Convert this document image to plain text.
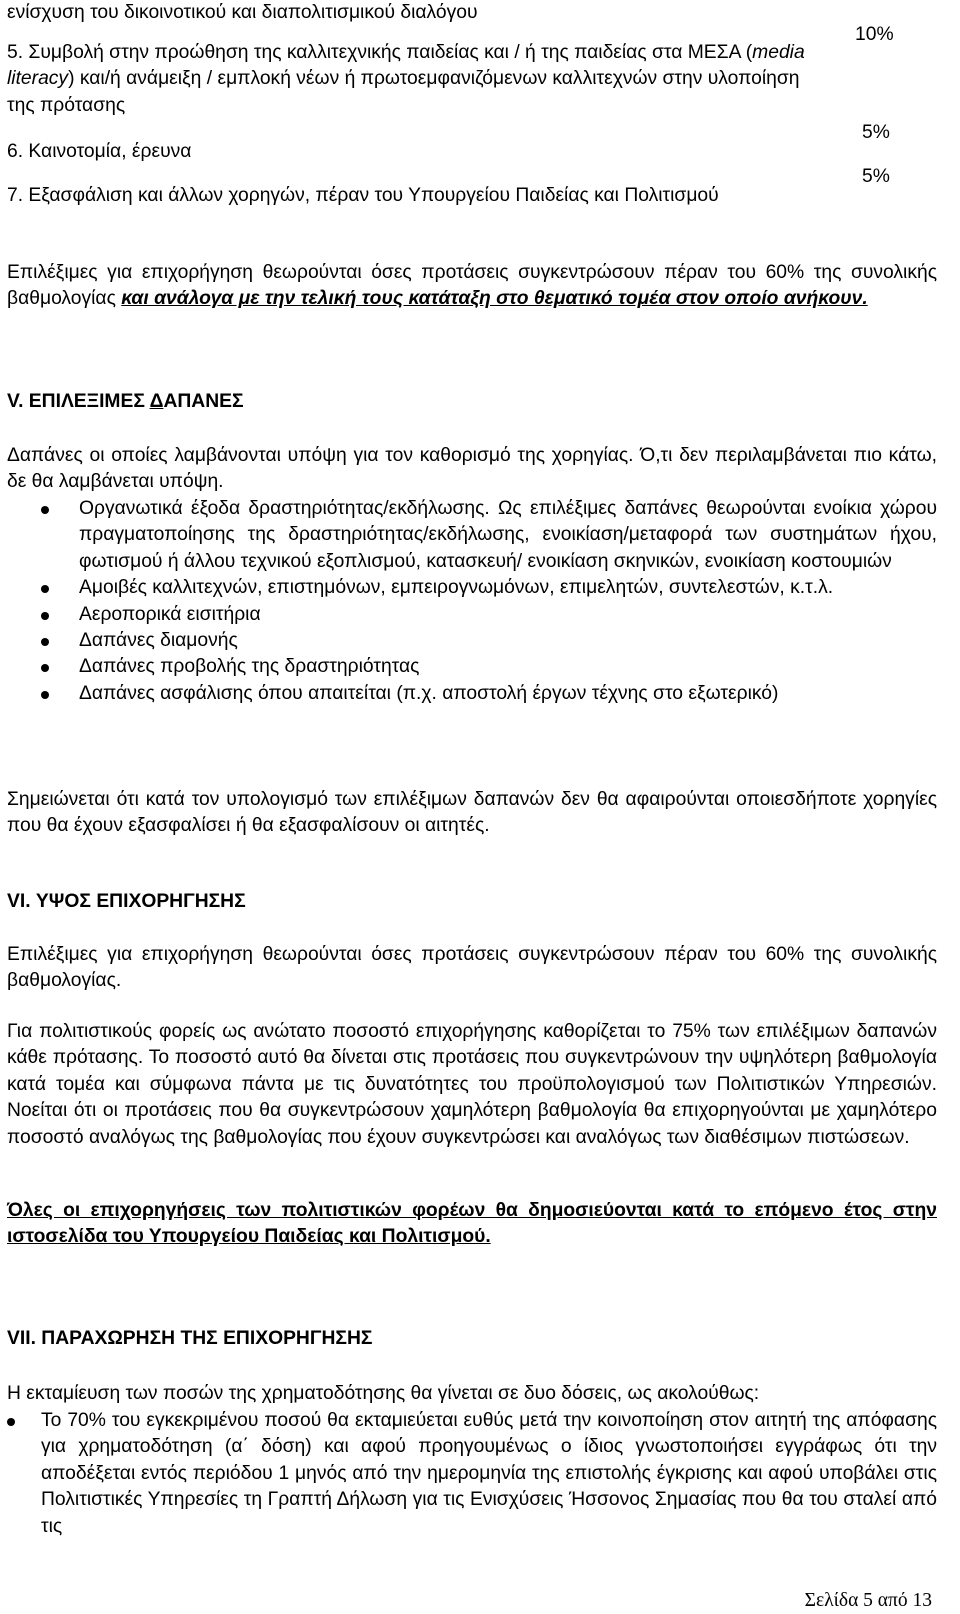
ενίσχυση του δικοινοτικού και διαπολιτισμικού διαλόγου
5. Συμβολή στην προώθηση της καλλιτεχνικής παιδείας και / ή της παιδείας στα ΜΕΣΑ (media literacy) και/ή ανάμειξη / εμπλοκή νέων ή πρωτοεμφανιζόμενων καλλιτεχνών στην υλοποίηση της πρότασης
10%
6. Καινοτομία, έρευνα
5%
7. Εξασφάλιση και άλλων χορηγών, πέραν του Υπουργείου Παιδείας και Πολιτισμού
5%
Επιλέξιμες για επιχορήγηση θεωρούνται όσες προτάσεις συγκεντρώσουν πέραν του 60% της συνολικής βαθμολογίας και ανάλογα με την τελική τους κατάταξη στο θεματικό τομέα στον οποίο ανήκουν.
V. ΕΠΙΛΕΞΙΜΕΣ ΔΑΠΑΝΕΣ
Δαπάνες οι οποίες λαμβάνονται υπόψη για τον καθορισμό της χορηγίας. Ό,τι δεν περιλαμβάνεται πιο κάτω, δε θα λαμβάνεται υπόψη.
Οργανωτικά έξοδα δραστηριότητας/εκδήλωσης. Ως επιλέξιμες δαπάνες θεωρούνται ενοίκια χώρου πραγματοποίησης της δραστηριότητας/εκδήλωσης, ενοικίαση/μεταφορά των συστημάτων ήχου, φωτισμού ή άλλου τεχνικού εξοπλισμού, κατασκευή/ ενοικίαση σκηνικών, ενοικίαση κοστουμιών
Αμοιβές καλλιτεχνών, επιστημόνων, εμπειρογνωμόνων, επιμελητών, συντελεστών, κ.τ.λ.
Αεροπορικά εισιτήρια
Δαπάνες διαμονής
Δαπάνες προβολής της δραστηριότητας
Δαπάνες ασφάλισης όπου απαιτείται (π.χ. αποστολή έργων τέχνης στο εξωτερικό)
Σημειώνεται ότι κατά τον υπολογισμό των επιλέξιμων δαπανών δεν θα αφαιρούνται οποιεσδήποτε χορηγίες που θα έχουν εξασφαλίσει ή θα εξασφαλίσουν οι αιτητές.
VI. ΥΨΟΣ ΕΠΙΧΟΡΗΓΗΣΗΣ
Επιλέξιμες για επιχορήγηση θεωρούνται όσες προτάσεις συγκεντρώσουν πέραν του 60% της συνολικής βαθμολογίας.
Για πολιτιστικούς φορείς ως ανώτατο ποσοστό επιχορήγησης καθορίζεται το 75% των επιλέξιμων δαπανών κάθε πρότασης. Το ποσοστό αυτό θα δίνεται στις προτάσεις που συγκεντρώνουν την υψηλότερη βαθμολογία κατά τομέα και σύμφωνα πάντα με τις δυνατότητες του προϋπολογισμού των Πολιτιστικών Υπηρεσιών. Νοείται ότι οι προτάσεις που θα συγκεντρώσουν χαμηλότερη βαθμολογία θα επιχορηγούνται με χαμηλότερο ποσοστό αναλόγως της βαθμολογίας που έχουν συγκεντρώσει και αναλόγως των διαθέσιμων πιστώσεων.
Όλες οι επιχορηγήσεις των πολιτιστικών φορέων θα δημοσιεύονται κατά το επόμενο έτος στην ιστοσελίδα του Υπουργείου Παιδείας και Πολιτισμού.
VII. ΠΑΡΑΧΩΡΗΣΗ ΤΗΣ ΕΠΙΧΟΡΗΓΗΣΗΣ
Η εκταμίευση των ποσών της χρηματοδότησης θα γίνεται σε δυο δόσεις, ως ακολούθως:
Το 70% του εγκεκριμένου ποσού θα εκταμιεύεται ευθύς μετά την κοινοποίηση στον αιτητή της απόφασης για χρηματοδότηση (α΄ δόση) και αφού προηγουμένως ο ίδιος γνωστοποιήσει εγγράφως ότι την αποδέξεται εντός περιόδου 1 μηνός από την ημερομηνία της επιστολής έγκρισης και αφού υποβάλει στις Πολιτιστικές Υπηρεσίες τη Γραπτή Δήλωση για τις Ενισχύσεις Ήσσονος Σημασίας που θα του σταλεί από τις
Σελίδα 5 από 13
